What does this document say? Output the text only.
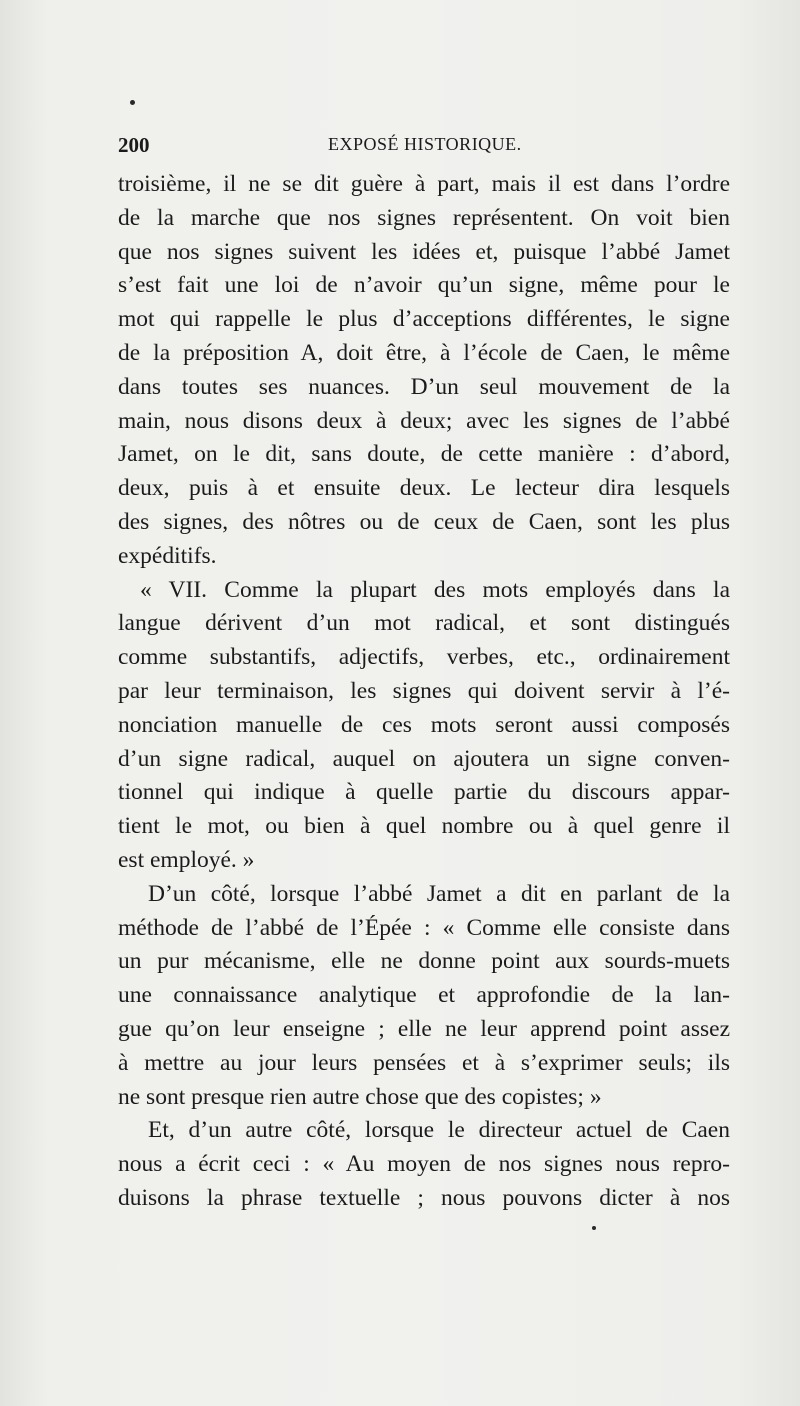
200	EXPOSÉ HISTORIQUE.
troisième, il ne se dit guère à part, mais il est dans l’ordre
de la marche que nos signes représentent. On voit bien
que nos signes suivent les idées et, puisque l’abbé Jamet
s’est fait une loi de n’avoir qu’un signe, même pour le
mot qui rappelle le plus d’acceptions différentes, le signe
de la préposition A, doit être, à l’école de Caen, le même
dans toutes ses nuances. D’un seul mouvement de la
main, nous disons deux à deux; avec les signes de l’abbé
Jamet, on le dit, sans doute, de cette manière : d’abord,
deux, puis à et ensuite deux. Le lecteur dira lesquels
des signes, des nôtres ou de ceux de Caen, sont les plus
expéditifs.
« VII. Comme la plupart des mots employés dans la
langue dérivent d’un mot radical, et sont distingués
comme substantifs, adjectifs, verbes, etc., ordinairement
par leur terminaison, les signes qui doivent servir à l’é-
nonciation manuelle de ces mots seront aussi composés
d’un signe radical, auquel on ajoutera un signe conven-
tionnel qui indique à quelle partie du discours appar-
tient le mot, ou bien à quel nombre ou à quel genre il
est employé. »
D’un côté, lorsque l’abbé Jamet a dit en parlant de la
méthode de l’abbé de l’Épée : « Comme elle consiste dans
un pur mécanisme, elle ne donne point aux sourds-muets
une connaissance analytique et approfondie de la lan-
gue qu’on leur enseigne ; elle ne leur apprend point assez
à mettre au jour leurs pensées et à s’exprimer seuls; ils
ne sont presque rien autre chose que des copistes; »
Et, d’un autre côté, lorsque le directeur actuel de Caen
nous a écrit ceci : « Au moyen de nos signes nous repro-
duisons la phrase textuelle ; nous pouvons dicter à nos
